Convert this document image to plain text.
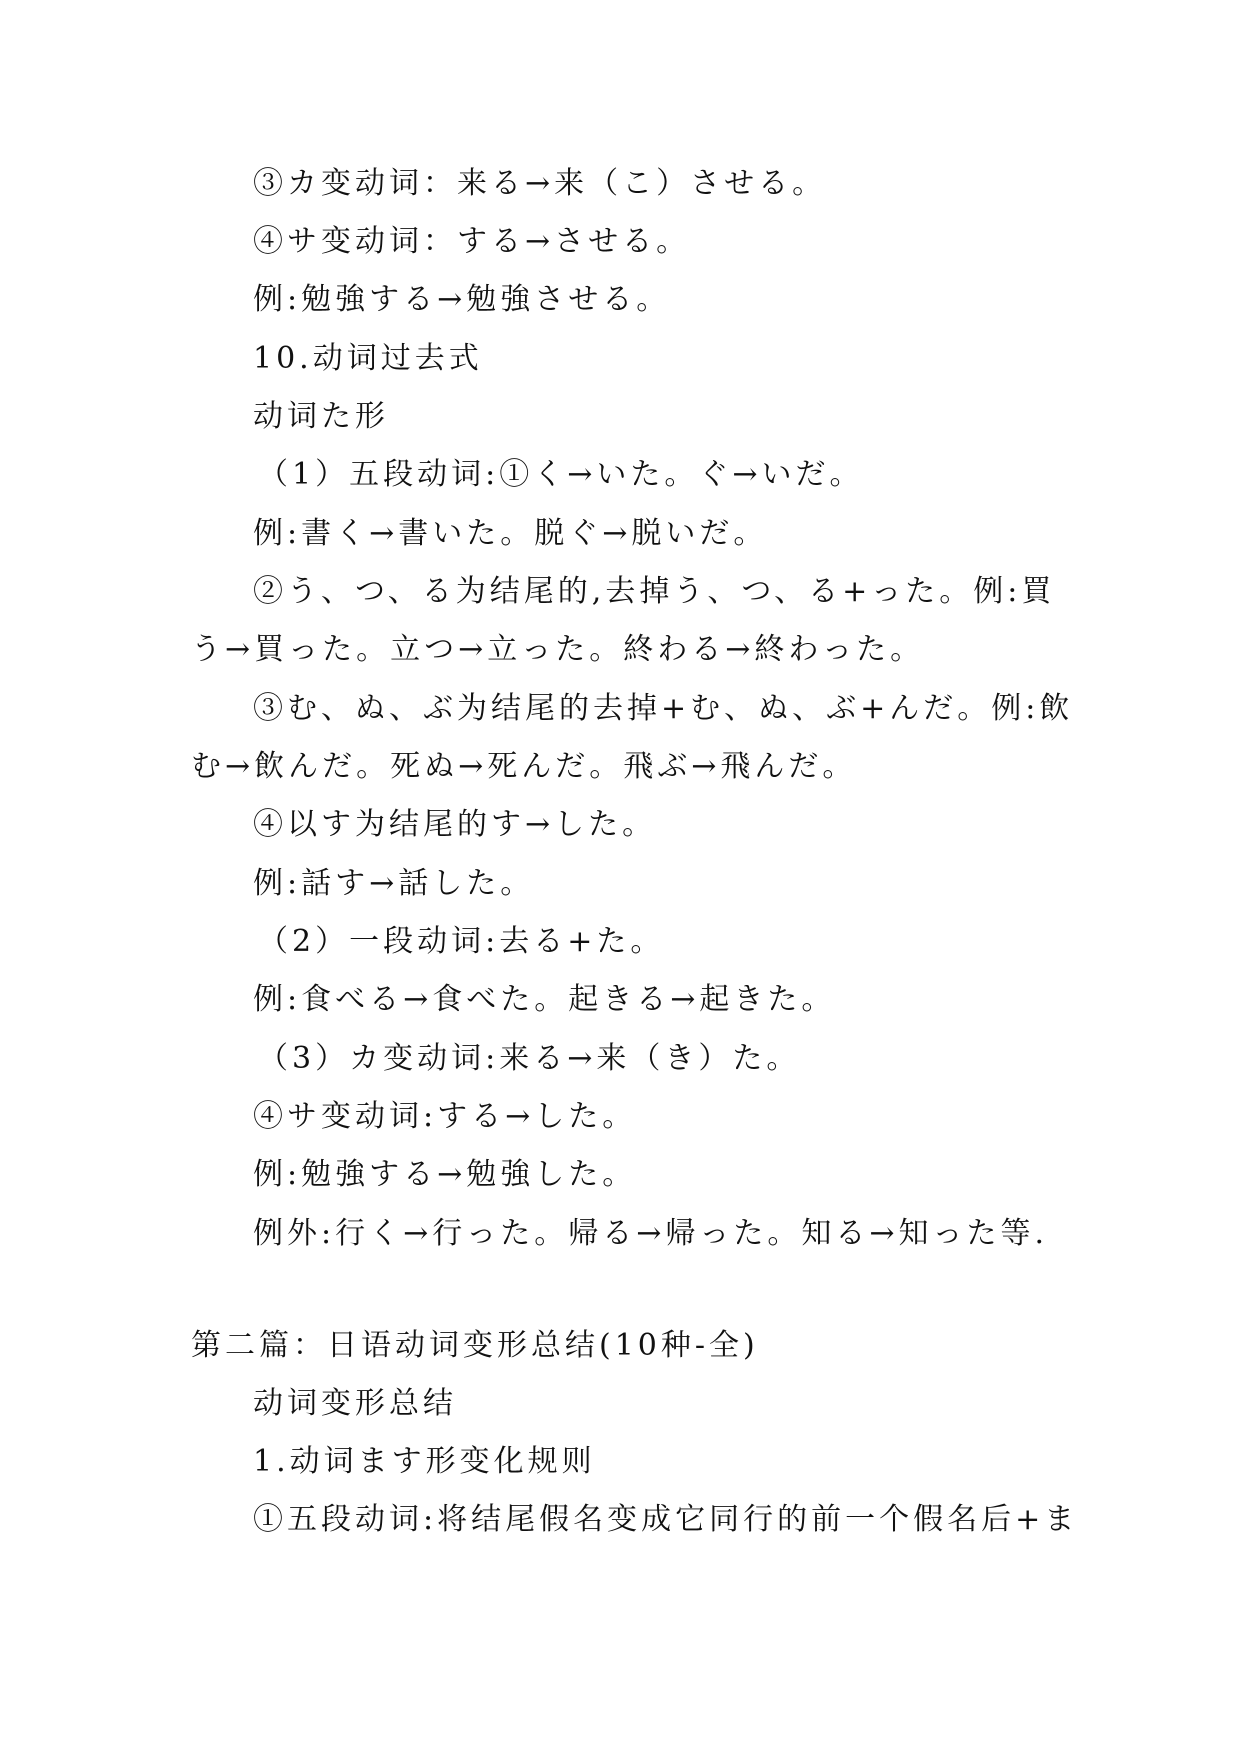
③カ变动词：来る→来（こ）させる。
④サ变动词：する→させる。
例:勉強する→勉強させる。
10.动词过去式
动词た形
（1）五段动词:①く→いた。ぐ→いだ。
例:書く→書いた。脱ぐ→脱いだ。
②う、つ、る为结尾的,去掉う、つ、る+った。例:買
う→買った。立つ→立った。終わる→終わった。
③む、ぬ、ぶ为结尾的去掉+む、ぬ、ぶ+んだ。例:飲
む→飲んだ。死ぬ→死んだ。飛ぶ→飛んだ。
④以す为结尾的す→した。
例:話す→話した。
（2）一段动词:去る+た。
例:食べる→食べた。起きる→起きた。
（3）カ变动词:来る→来（き）た。
④サ变动词:する→した。
例:勉強する→勉強した。
例外:行く→行った。帰る→帰った。知る→知った等.
第二篇：日语动词变形总结(10种-全)
动词变形总结
1.动词ます形变化规则
①五段动词:将结尾假名变成它同行的前一个假名后+ま
